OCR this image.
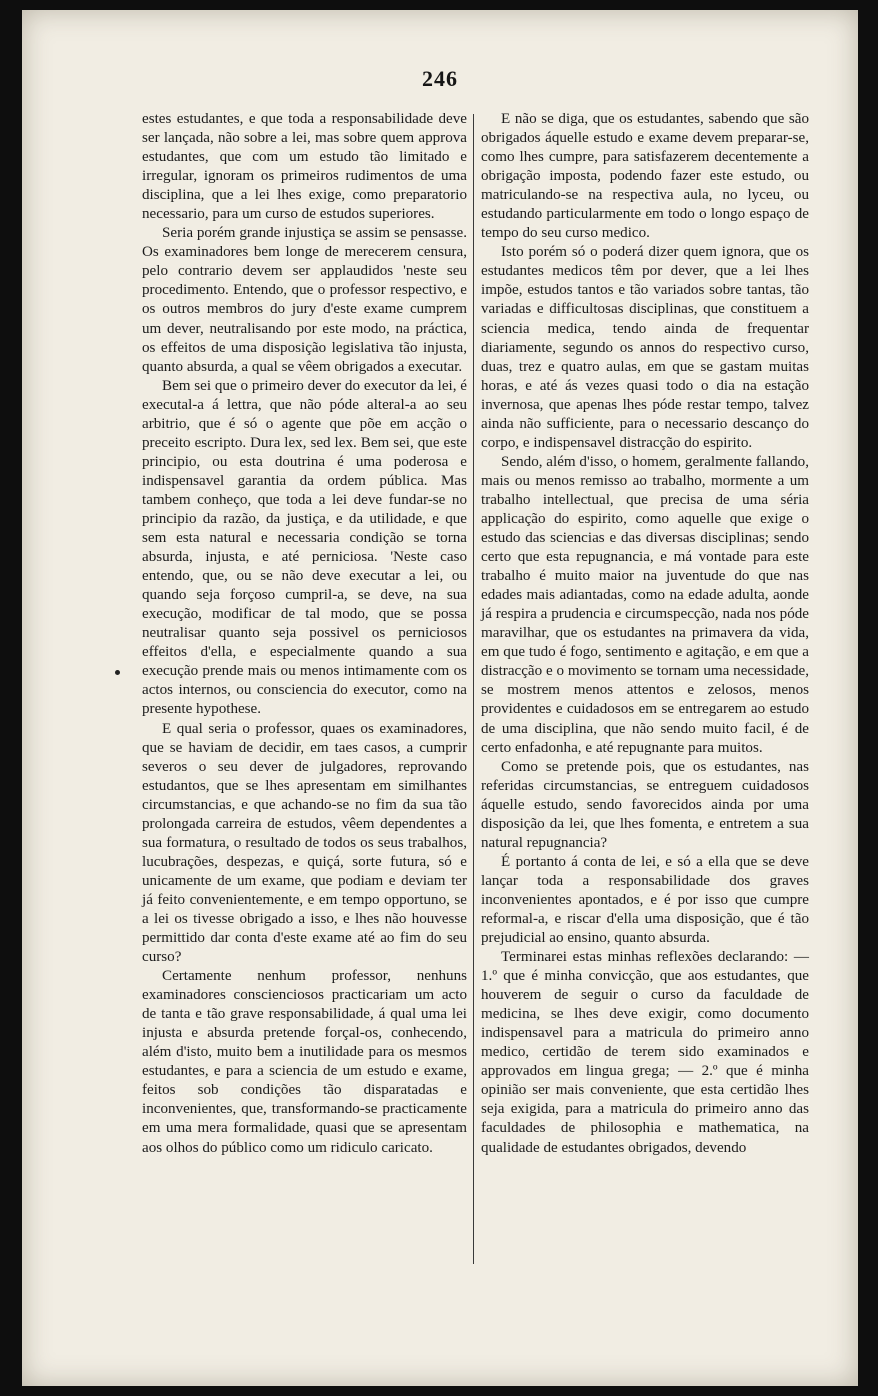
246

estes estudantes, e que toda a responsabilidade deve ser lançada, não sobre a lei, mas sobre quem approva estudantes, que com um estudo tão limitado e irregular, ignoram os primeiros rudimentos de uma disciplina, que a lei lhes exige, como preparatorio necessario, para um curso de estudos superiores.

Seria porém grande injustiça se assim se pensasse. Os examinadores bem longe de merecerem censura, pelo contrario devem ser applaudidos 'neste seu procedimento. Entendo, que o professor respectivo, e os outros membros do jury d'este exame cumprem um dever, neutralisando por este modo, na práctica, os effeitos de uma disposição legislativa tão injusta, quanto absurda, a qual se vêem obrigados a executar.

Bem sei que o primeiro dever do executor da lei, é executal-a á lettra, que não póde alteral-a ao seu arbitrio, que é só o agente que põe em acção o preceito escripto. Dura lex, sed lex. Bem sei, que este principio, ou esta doutrina é uma poderosa e indispensavel garantia da ordem pública. Mas tambem conheço, que toda a lei deve fundar-se no principio da razão, da justiça, e da utilidade, e que sem esta natural e necessaria condição se torna absurda, injusta, e até perniciosa. 'Neste caso entendo, que, ou se não deve executar a lei, ou quando seja forçoso cumpril-a, se deve, na sua execução, modificar de tal modo, que se possa neutralisar quanto seja possivel os perniciosos effeitos d'ella, e especialmente quando a sua execução prende mais ou menos intimamente com os actos internos, ou consciencia do executor, como na presente hypothese.

E qual seria o professor, quaes os examinadores, que se haviam de decidir, em taes casos, a cumprir severos o seu dever de julgadores, reprovando estudantos, que se lhes apresentam em similhantes circumstancias, e que achando-se no fim da sua tão prolongada carreira de estudos, vêem dependentes a sua formatura, o resultado de todos os seus trabalhos, lucubrações, despezas, e quiçá, sorte futura, só e unicamente de um exame, que podiam e deviam ter já feito convenientemente, e em tempo opportuno, se a lei os tivesse obrigado a isso, e lhes não houvesse permittido dar conta d'este exame até ao fim do seu curso?

Certamente nenhum professor, nenhuns examinadores conscienciosos practicariam um acto de tanta e tão grave responsabilidade, á qual uma lei injusta e absurda pretende forçal-os, conhecendo, além d'isto, muito bem a inutilidade para os mesmos estudantes, e para a sciencia de um estudo e exame, feitos sob condições tão disparatadas e inconvenientes, que, transformando-se practicamente em uma mera formalidade, quasi que se apresentam aos olhos do público como um ridiculo caricato.

E não se diga, que os estudantes, sabendo que são obrigados áquelle estudo e exame devem preparar-se, como lhes cumpre, para satisfazerem decentemente a obrigação imposta, podendo fazer este estudo, ou matriculando-se na respectiva aula, no lyceu, ou estudando particularmente em todo o longo espaço de tempo do seu curso medico.

Isto porém só o poderá dizer quem ignora, que os estudantes medicos têm por dever, que a lei lhes impõe, estudos tantos e tão variados sobre tantas, tão variadas e difficultosas disciplinas, que constituem a sciencia medica, tendo ainda de frequentar diariamente, segundo os annos do respectivo curso, duas, trez e quatro aulas, em que se gastam muitas horas, e até ás vezes quasi todo o dia na estação invernosa, que apenas lhes póde restar tempo, talvez ainda não sufficiente, para o necessario descanço do corpo, e indispensavel distracção do espirito.

Sendo, além d'isso, o homem, geralmente fallando, mais ou menos remisso ao trabalho, mormente a um trabalho intellectual, que precisa de uma séria applicação do espirito, como aquelle que exige o estudo das sciencias e das diversas disciplinas; sendo certo que esta repugnancia, e má vontade para este trabalho é muito maior na juventude do que nas edades mais adiantadas, como na edade adulta, aonde já respira a prudencia e circumspecção, nada nos póde maravilhar, que os estudantes na primavera da vida, em que tudo é fogo, sentimento e agitação, e em que a distracção e o movimento se tornam uma necessidade, se mostrem menos attentos e zelosos, menos providentes e cuidadosos em se entregarem ao estudo de uma disciplina, que não sendo muito facil, é de certo enfadonha, e até repugnante para muitos.

Como se pretende pois, que os estudantes, nas referidas circumstancias, se entreguem cuidadosos áquelle estudo, sendo favorecidos ainda por uma disposição da lei, que lhes fomenta, e entretem a sua natural repugnancia?

É portanto á conta de lei, e só a ella que se deve lançar toda a responsabilidade dos graves inconvenientes apontados, e é por isso que cumpre reformal-a, e riscar d'ella uma disposição, que é tão prejudicial ao ensino, quanto absurda.

Terminarei estas minhas reflexões declarando: — 1.º que é minha convicção, que aos estudantes, que houverem de seguir o curso da faculdade de medicina, se lhes deve exigir, como documento indispensavel para a matricula do primeiro anno medico, certidão de terem sido examinados e approvados em lingua grega; — 2.º que é minha opinião ser mais conveniente, que esta certidão lhes seja exigida, para a matricula do primeiro anno das faculdades de philosophia e mathematica, na qualidade de estudantes obrigados, devendo
